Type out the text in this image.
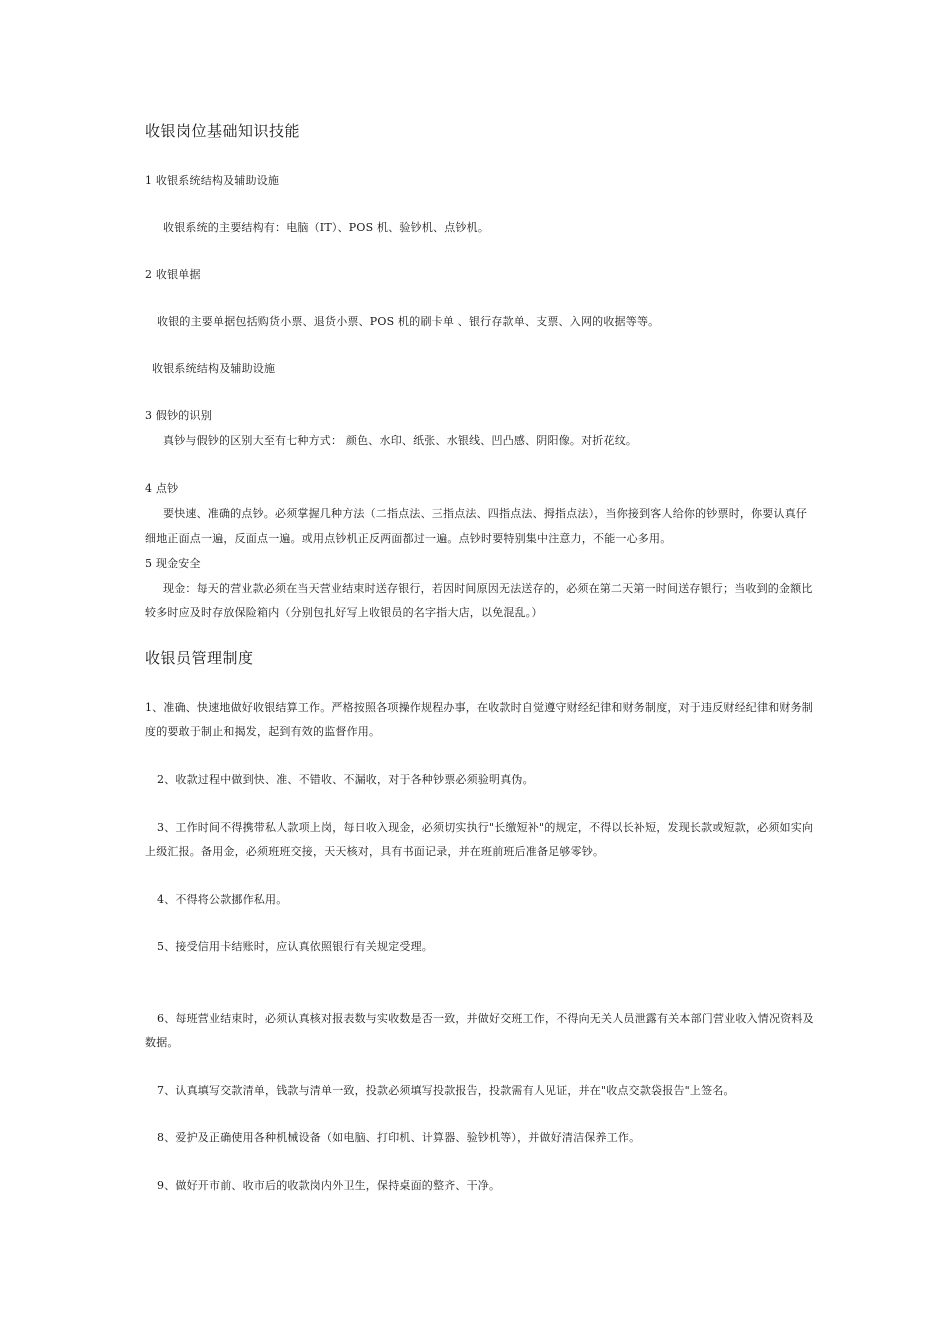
收银岗位基础知识技能
1 收银系统结构及辅助设施
收银系统的主要结构有：电脑（IT）、POS 机、验钞机、点钞机。
2 收银单据
收银的主要单据包括购货小票、退货小票、POS 机的刷卡单 、银行存款单、支票、入网的收据等等。
收银系统结构及辅助设施
3 假钞的识别
真钞与假钞的区别大至有七种方式： 颜色、水印、纸张、水银线、凹凸感、阴阳像。对折花纹。
4 点钞
要快速、准确的点钞。必须掌握几种方法（二指点法、三指点法、四指点法、拇指点法），当你接到客人给你的钞票时，你要认真仔
细地正面点一遍，反面点一遍。或用点钞机正反两面都过一遍。点钞时要特别集中注意力，不能一心多用。
5 现金安全
现金：每天的营业款必须在当天营业结束时送存银行，若因时间原因无法送存的，必须在第二天第一时间送存银行；当收到的金额比
较多时应及时存放保险箱内（分别包扎好写上收银员的名字指大店，以免混乱。）
收银员管理制度
1、准确、快速地做好收银结算工作。严格按照各项操作规程办事，在收款时自觉遵守财经纪律和财务制度，对于违反财经纪律和财务制
度的要敢于制止和揭发，起到有效的监督作用。
2、收款过程中做到快、准、不错收、不漏收，对于各种钞票必须验明真伪。
3、工作时间不得携带私人款项上岗，每日收入现金，必须切实执行"长缴短补"的规定，不得以长补短，发现长款或短款，必须如实向
上级汇报。备用金，必须班班交接，天天核对，具有书面记录，并在班前班后准备足够零钞。
4、不得将公款挪作私用。
5、接受信用卡结账时，应认真依照银行有关规定受理。
6、每班营业结束时，必须认真核对报表数与实收数是否一致，并做好交班工作，不得向无关人员泄露有关本部门营业收入情况资料及
数据。
7、认真填写交款清单，钱款与清单一致，投款必须填写投款报告，投款需有人见证，并在"收点交款袋报告"上签名。
8、爱护及正确使用各种机械设备（如电脑、打印机、计算器、验钞机等），并做好清洁保养工作。
9、做好开市前、收市后的收款岗内外卫生，保持桌面的整齐、干净。
